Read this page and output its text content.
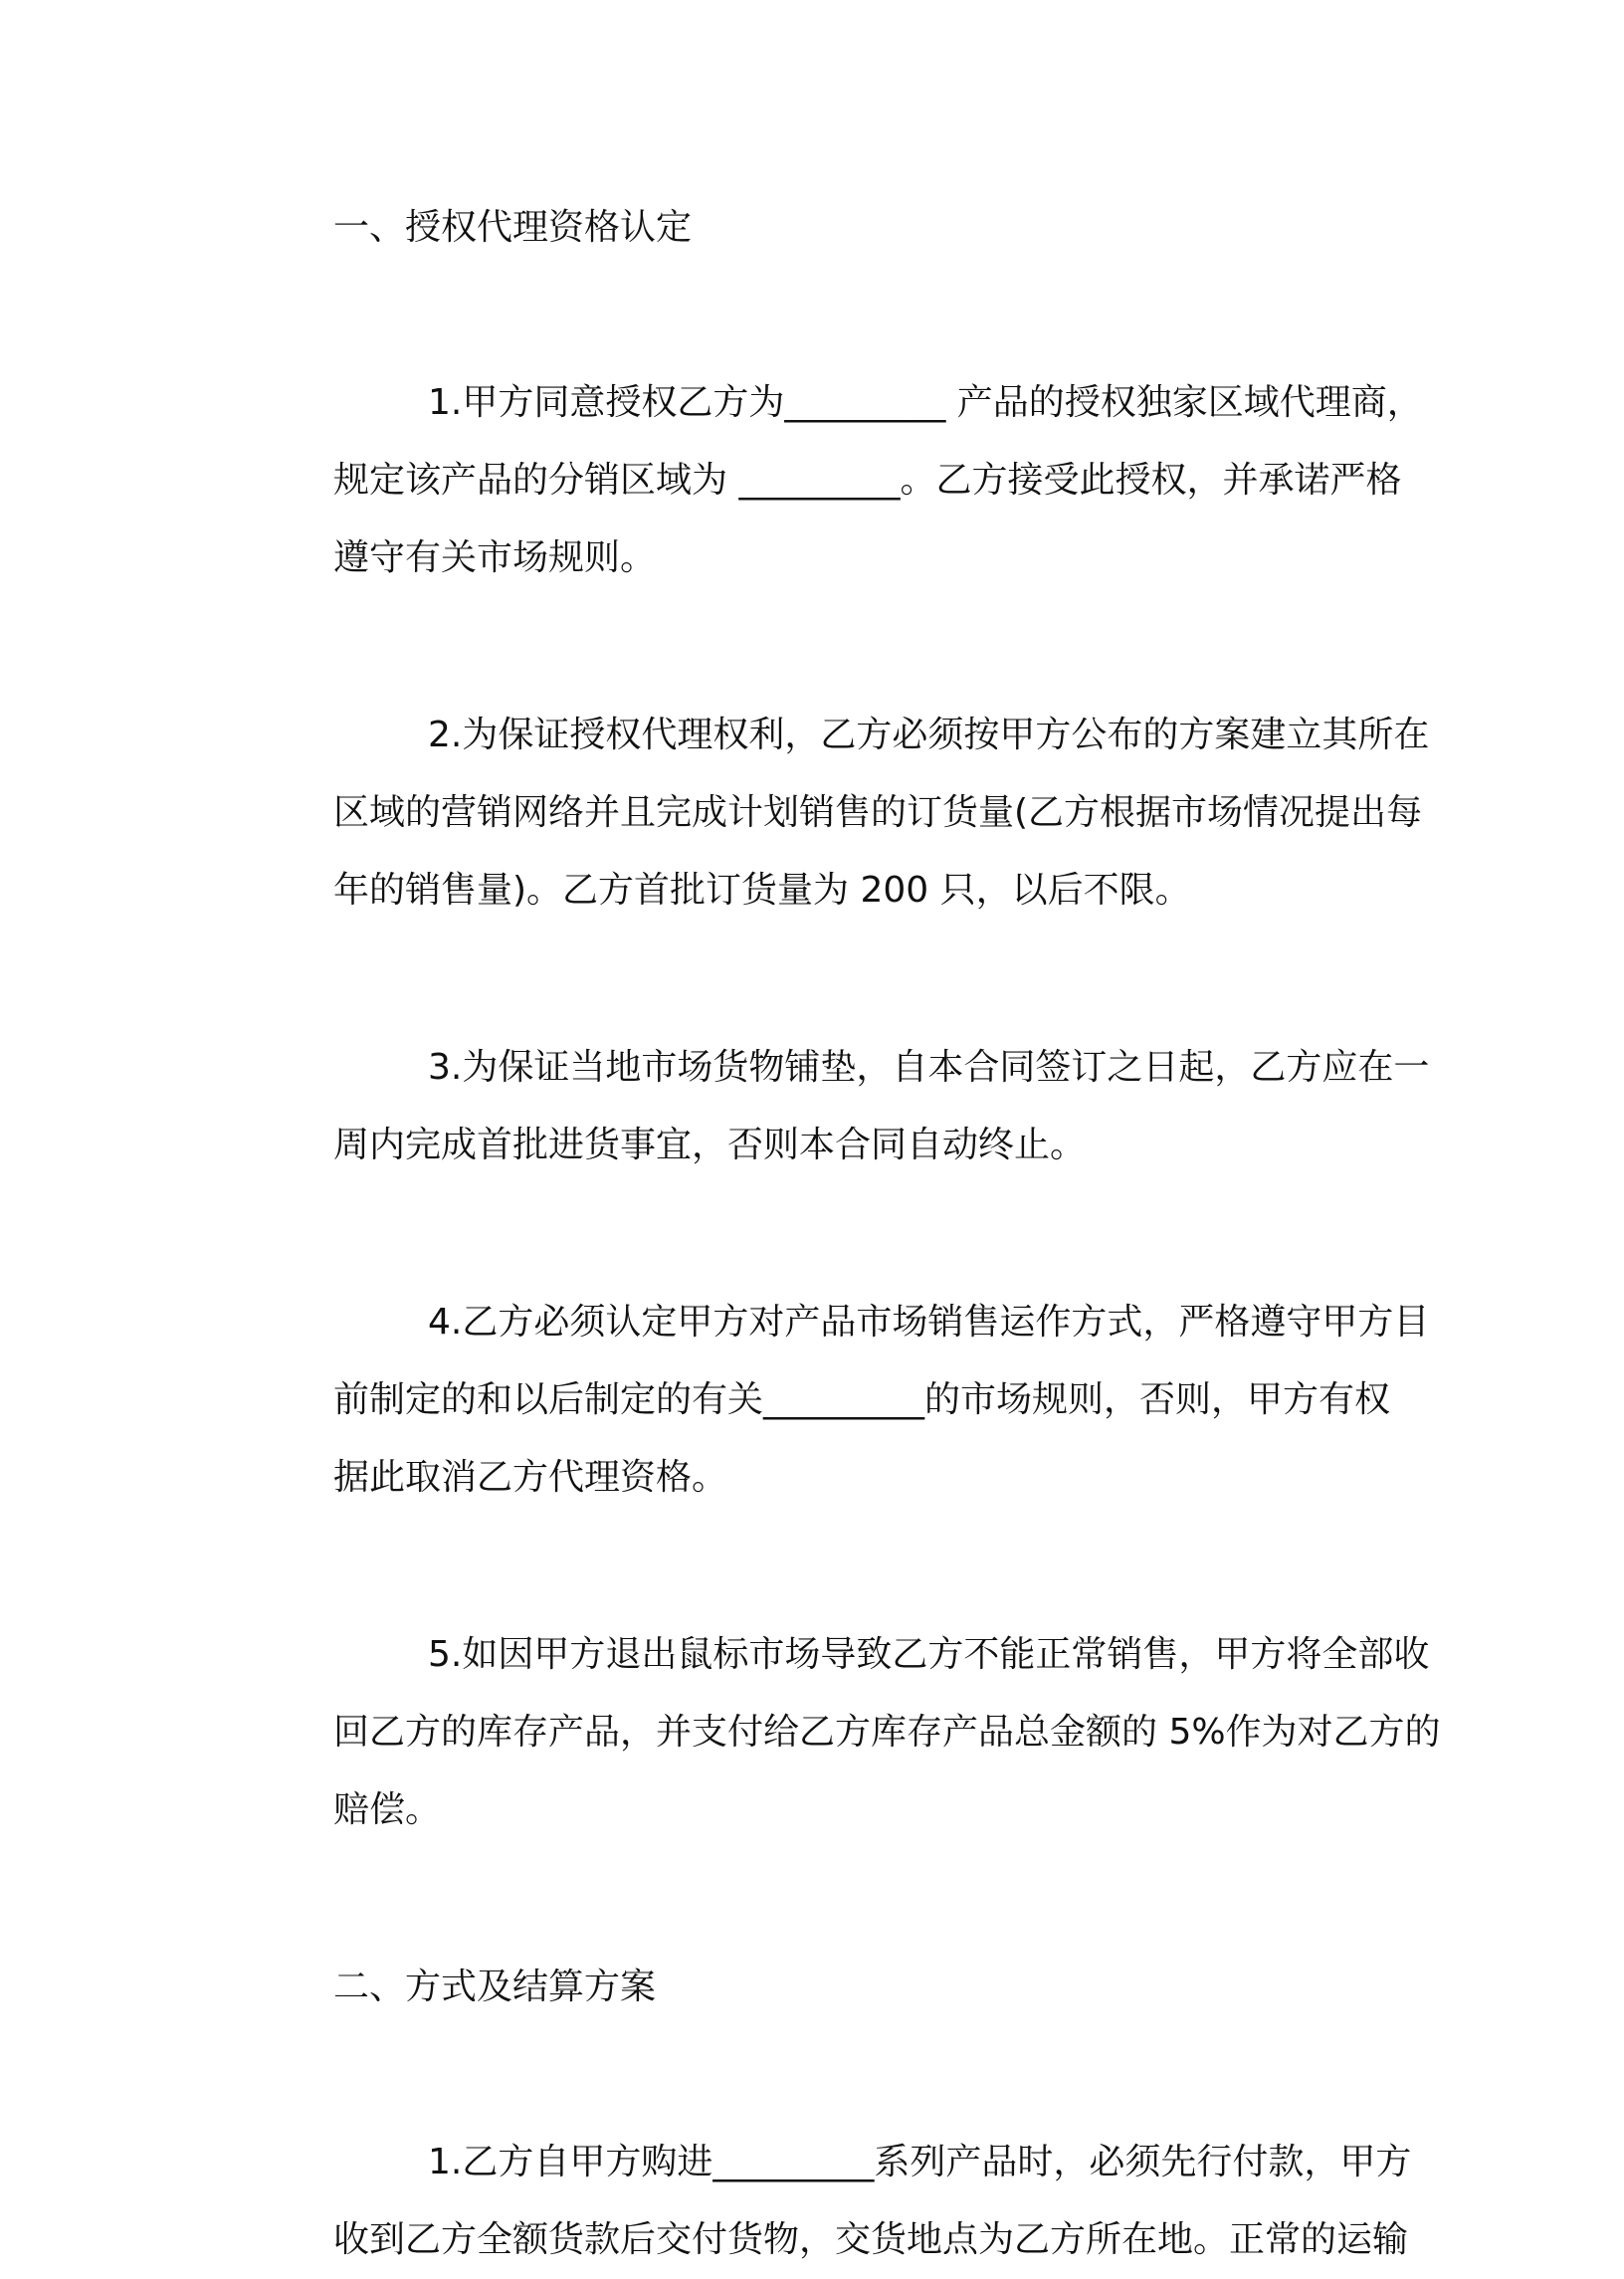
一、授权代理资格认定
1.甲方同意授权乙方为_________ 产品的授权独家区域代理商，
规定该产品的分销区域为 _________。乙方接受此授权，并承诺严格
遵守有关市场规则。
2.为保证授权代理权利，乙方必须按甲方公布的方案建立其所在
区域的营销网络并且完成计划销售的订货量(乙方根据市场情况提出每
年的销售量)。乙方首批订货量为 200 只，以后不限。
3.为保证当地市场货物铺垫，自本合同签订之日起，乙方应在一
周内完成首批进货事宜，否则本合同自动终止。
4.乙方必须认定甲方对产品市场销售运作方式，严格遵守甲方目
前制定的和以后制定的有关_________的市场规则，否则，甲方有权
据此取消乙方代理资格。
5.如因甲方退出鼠标市场导致乙方不能正常销售，甲方将全部收
回乙方的库存产品，并支付给乙方库存产品总金额的 5%作为对乙方的
赔偿。
二、方式及结算方案
1.乙方自甲方购进_________系列产品时，必须先行付款，甲方
收到乙方全额货款后交付货物，交货地点为乙方所在地。正常的运输
